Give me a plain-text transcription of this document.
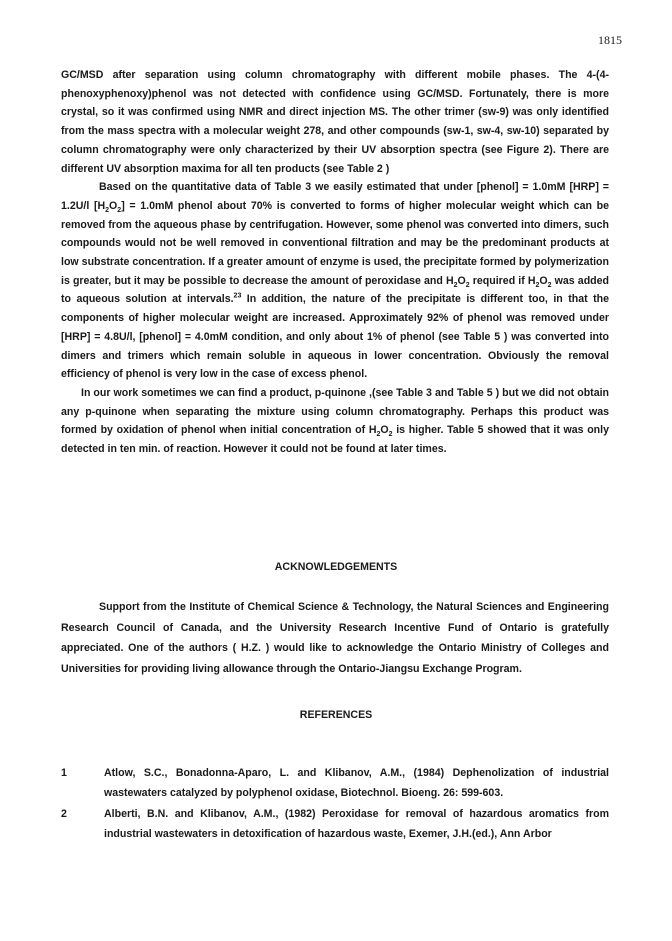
1815

GC/MSD after separation using column chromatography with different mobile phases. The 4-(4-phenoxyphenoxy)phenol was not detected with confidence using GC/MSD. Fortunately, there is more crystal, so it was confirmed using NMR and direct injection MS. The other trimer (sw-9) was only identified from the mass spectra with a molecular weight 278, and other compounds (sw-1, sw-4, sw-10) separated by column chromatography were only characterized by their UV absorption spectra (see Figure 2). There are different UV absorption maxima for all ten products (see Table 2 )

Based on the quantitative data of Table 3 we easily estimated that under [phenol] = 1.0mM [HRP] = 1.2U/l $[H_2O_2] = 1.0mM$ phenol about 70% is converted to forms of higher molecular weight which can be removed from the aqueous phase by centrifugation. However, some phenol was converted into dimers, such compounds would not be well removed in conventional filtration and may be the predominant products at low substrate concentration. If a greater amount of enzyme is used, the precipitate formed by polymerization is greater, but it may be possible to decrease the amount of peroxidase and $H_2O_2$ required if $H_2O_2$ was added to aqueous solution at intervals.$^{23}$ In addition, the nature of the precipitate is different too, in that the components of higher molecular weight are increased. Approximately 92% of phenol was removed under [HRP] = 4.8U/l, [phenol] = 4.0mM condition, and only about 1% of phenol (see Table 5 ) was converted into dimers and trimers which remain soluble in aqueous in lower concentration. Obviously the removal efficiency of phenol is very low in the case of excess phenol.

In our work sometimes we can find a product, p-quinone ,(see Table 3 and Table 5 ) but we did not obtain any p-quinone when separating the mixture using column chromatography. Perhaps this product was formed by oxidation of phenol when initial concentration of $H_2O_2$ is higher. Table 5 showed that it was only detected in ten min. of reaction. However it could not be found at later times.

ACKNOWLEDGEMENTS

Support from the Institute of Chemical Science & Technology, the Natural Sciences and Engineering Research Council of Canada, and the University Research Incentive Fund of Ontario is gratefully appreciated. One of the authors ( H.Z. ) would like to acknowledge the Ontario Ministry of Colleges and Universities for providing living allowance through the Ontario-Jiangsu Exchange Program.

REFERENCES
1	Atlow, S.C., Bonadonna-Aparo, L. and Klibanov, A.M., (1984) Dephenolization of industrial wastewaters catalyzed by polyphenol oxidase, Biotechnol. Bioeng. 26: 599-603.
2	Alberti, B.N. and Klibanov, A.M., (1982) Peroxidase for removal of hazardous aromatics from industrial wastewaters in detoxification of hazardous waste, Exemer, J.H.(ed.), Ann Arbor
